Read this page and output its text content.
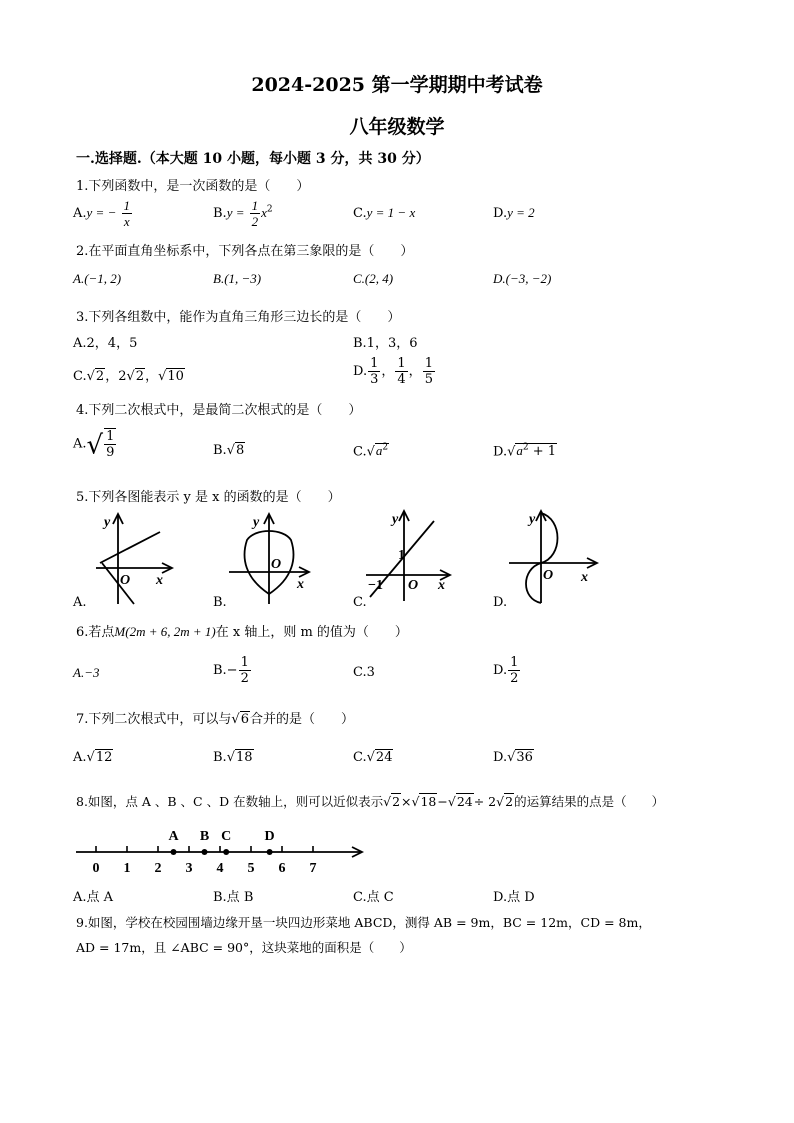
2024-2025 第一学期期中考试卷
八年级数学
一.选择题.（本大题 10 小题，每小题 3 分，共 30 分）
1.下列函数中，是一次函数的是（　　）
A.y = − $\frac{1}{x}$	$B.y = \frac{1}{2} x^2$	C.y = 1 − x	D.y = 2
2.在平面直角坐标系中，下列各点在第三象限的是（　　）
A.(−1, 2)	B.(1, −3)	C.(2, 4)	D.(−3, −2)
3.下列各组数中，能作为直角三角形三边长的是（　　）
A.2，4，5	B.1，3，6
C.√2，2√2，√10	D. $\frac{1}{3}$ ， $\frac{1}{4}$ ， $\frac{1}{5}$
4.下列二次根式中，是最简二次根式的是（　　）
$A.√ \frac{1}{9}$	B.√8	$C.√a^2$	$D.√a^2 + 1$
5.下列各图能表示 y 是 x 的函数的是（　　）
y
O x
A.
y
O
x
B.
y
1
−1 O x
C.
y
O x
D.
6.若点M(2m + 6, 2m + 1)在 x 轴上，则 m 的值为（　　）
A.−3	$B.- \frac{1}{2}$	C.3	D. $\frac{1}{2}$
7.下列二次根式中，可以与√6合并的是（　　）
A.√12	B.√18	C.√24	D.√36
8.如图，点 A 、B 、C 、D 在数轴上，则可以近似表示√2×√18−√24÷ 2√2的运算结果的点是（　　）
0 1 2 3 4 5 6 7
A B C D
A.点 A	B.点 B	C.点 C	D.点 D
9.如图，学校在校园围墙边缘开垦一块四边形菜地 ABCD，测得 AB = 9m，BC = 12m，CD = 8m，
AD = 17m，且 ∠ABC = 90°，这块菜地的面积是（　　）
